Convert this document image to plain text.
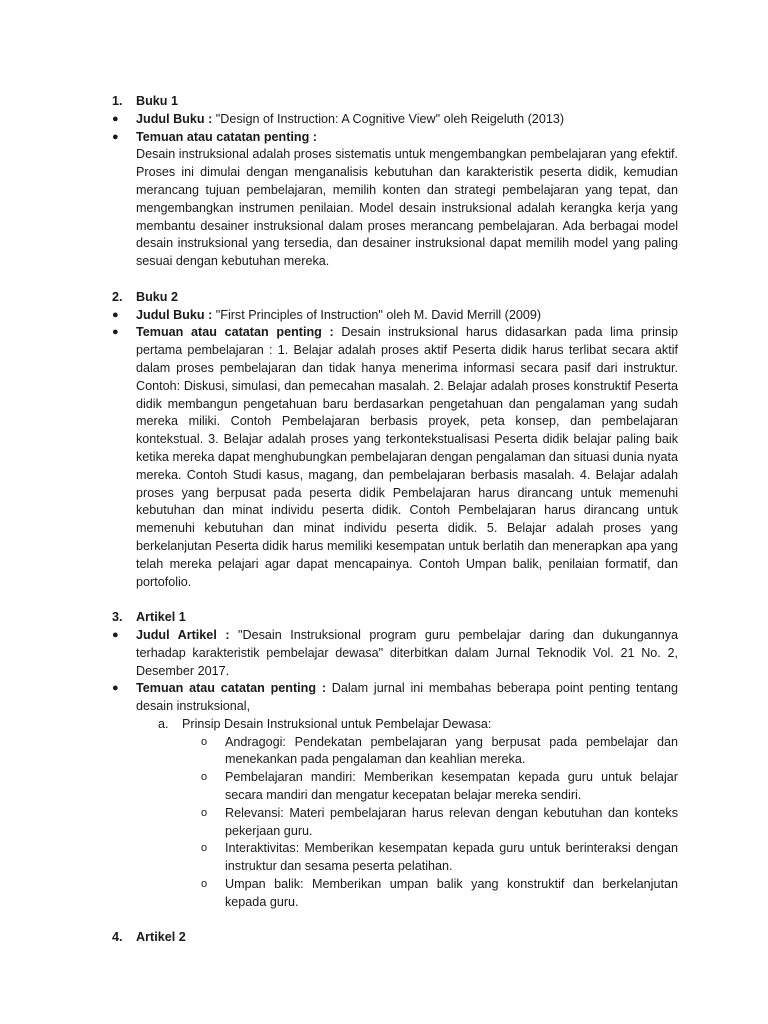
1.	Buku 1
●	Judul Buku : "Design of Instruction: A Cognitive View" oleh Reigeluth (2013)
●	Temuan atau catatan penting :
Desain instruksional adalah proses sistematis untuk mengembangkan pembelajaran yang efektif. Proses ini dimulai dengan menganalisis kebutuhan dan karakteristik peserta didik, kemudian merancang tujuan pembelajaran, memilih konten dan strategi pembelajaran yang tepat, dan mengembangkan instrumen penilaian. Model desain instruksional adalah kerangka kerja yang membantu desainer instruksional dalam proses merancang pembelajaran. Ada berbagai model desain instruksional yang tersedia, dan desainer instruksional dapat memilih model yang paling sesuai dengan kebutuhan mereka.
2.	Buku 2
●	Judul Buku : "First Principles of Instruction" oleh M. David Merrill (2009)
●	Temuan atau catatan penting : Desain instruksional harus didasarkan pada lima prinsip pertama pembelajaran : 1. Belajar adalah proses aktif Peserta didik harus terlibat secara aktif dalam proses pembelajaran dan tidak hanya menerima informasi secara pasif dari instruktur. Contoh: Diskusi, simulasi, dan pemecahan masalah. 2. Belajar adalah proses konstruktif Peserta didik membangun pengetahuan baru berdasarkan pengetahuan dan pengalaman yang sudah mereka miliki. Contoh Pembelajaran berbasis proyek, peta konsep, dan pembelajaran kontekstual. 3. Belajar adalah proses yang terkontekstualisasi Peserta didik belajar paling baik ketika mereka dapat menghubungkan pembelajaran dengan pengalaman dan situasi dunia nyata mereka. Contoh Studi kasus, magang, dan pembelajaran berbasis masalah. 4. Belajar adalah proses yang berpusat pada peserta didik Pembelajaran harus dirancang untuk memenuhi kebutuhan dan minat individu peserta didik. Contoh Pembelajaran harus dirancang untuk memenuhi kebutuhan dan minat individu peserta didik. 5. Belajar adalah proses yang berkelanjutan Peserta didik harus memiliki kesempatan untuk berlatih dan menerapkan apa yang telah mereka pelajari agar dapat mencapainya. Contoh Umpan balik, penilaian formatif, dan portofolio.
3.	Artikel 1
●	Judul Artikel : "Desain Instruksional program guru pembelajar daring dan dukungannya terhadap karakteristik pembelajar dewasa" diterbitkan dalam Jurnal Teknodik Vol. 21 No. 2, Desember 2017.
●	Temuan atau catatan penting : Dalam jurnal ini membahas beberapa point penting tentang desain instruksional,
a.	Prinsip Desain Instruksional untuk Pembelajar Dewasa:
o	Andragogi: Pendekatan pembelajaran yang berpusat pada pembelajar dan menekankan pada pengalaman dan keahlian mereka.
o	Pembelajaran mandiri: Memberikan kesempatan kepada guru untuk belajar secara mandiri dan mengatur kecepatan belajar mereka sendiri.
o	Relevansi: Materi pembelajaran harus relevan dengan kebutuhan dan konteks pekerjaan guru.
o	Interaktivitas: Memberikan kesempatan kepada guru untuk berinteraksi dengan instruktur dan sesama peserta pelatihan.
o	Umpan balik: Memberikan umpan balik yang konstruktif dan berkelanjutan kepada guru.
4.	Artikel 2
